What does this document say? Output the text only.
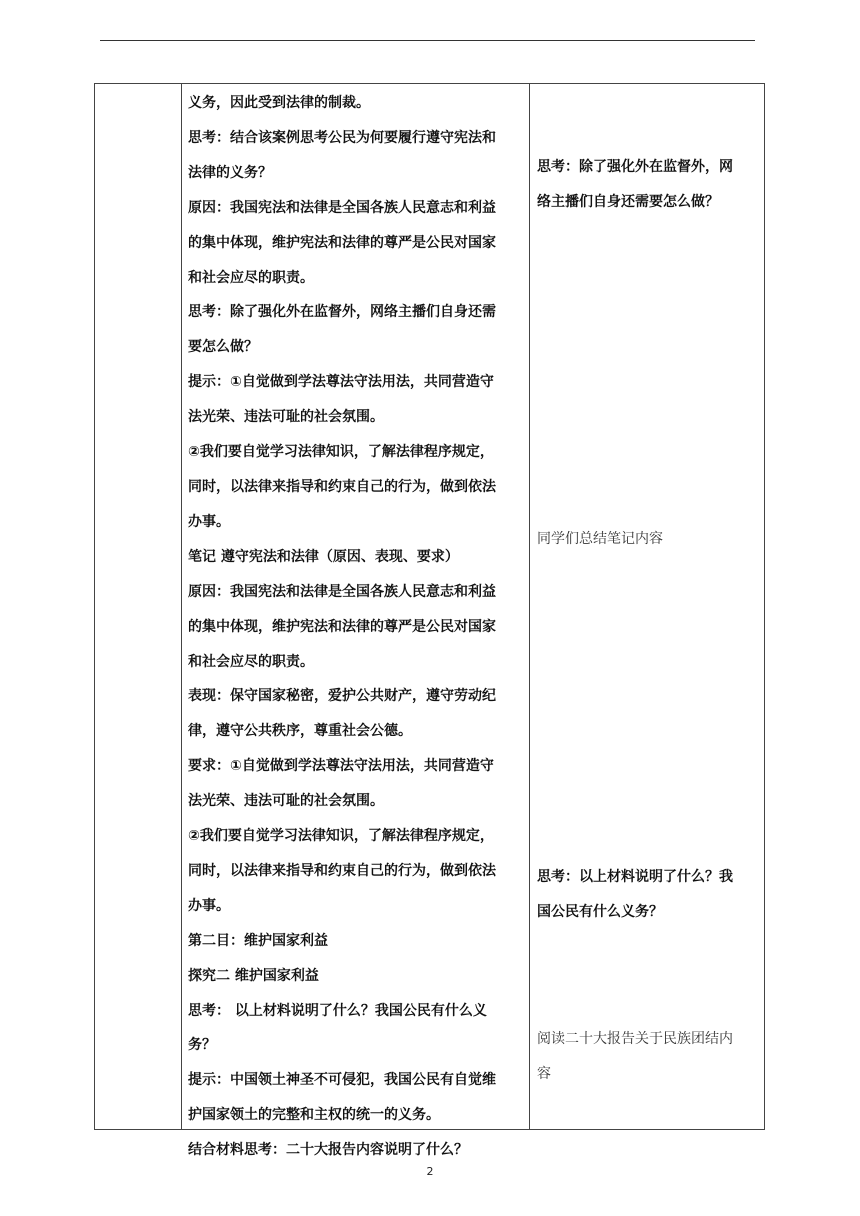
义务，因此受到法律的制裁。

思考：结合该案例思考公民为何要履行遵守宪法和

法律的义务？

原因：我国宪法和法律是全国各族人民意志和利益

的集中体现，维护宪法和法律的尊严是公民对国家

和社会应尽的职责。

思考：除了强化外在监督外，网络主播们自身还需

要怎么做？

提示：①自觉做到学法尊法守法用法，共同营造守

法光荣、违法可耻的社会氛围。

②我们要自觉学习法律知识，了解法律程序规定，

同时，以法律来指导和约束自己的行为，做到依法

办事。

笔记 遵守宪法和法律（原因、表现、要求）

原因：我国宪法和法律是全国各族人民意志和利益

的集中体现，维护宪法和法律的尊严是公民对国家

和社会应尽的职责。

表现：保守国家秘密，爱护公共财产，遵守劳动纪

律，遵守公共秩序，尊重社会公德。

要求：①自觉做到学法尊法守法用法，共同营造守

法光荣、违法可耻的社会氛围。

②我们要自觉学习法律知识，了解法律程序规定，

同时，以法律来指导和约束自己的行为，做到依法

办事。

第二目：维护国家利益

探究二 维护国家利益

思考： 以上材料说明了什么？我国公民有什么义

务？

提示：中国领土神圣不可侵犯，我国公民有自觉维

护国家领土的完整和主权的统一的义务。

结合材料思考：二十大报告内容说明了什么？

思考：除了强化外在监督外，网

络主播们自身还需要怎么做？

同学们总结笔记内容

思考：以上材料说明了什么？我

国公民有什么义务？

阅读二十大报告关于民族团结内

容

2
